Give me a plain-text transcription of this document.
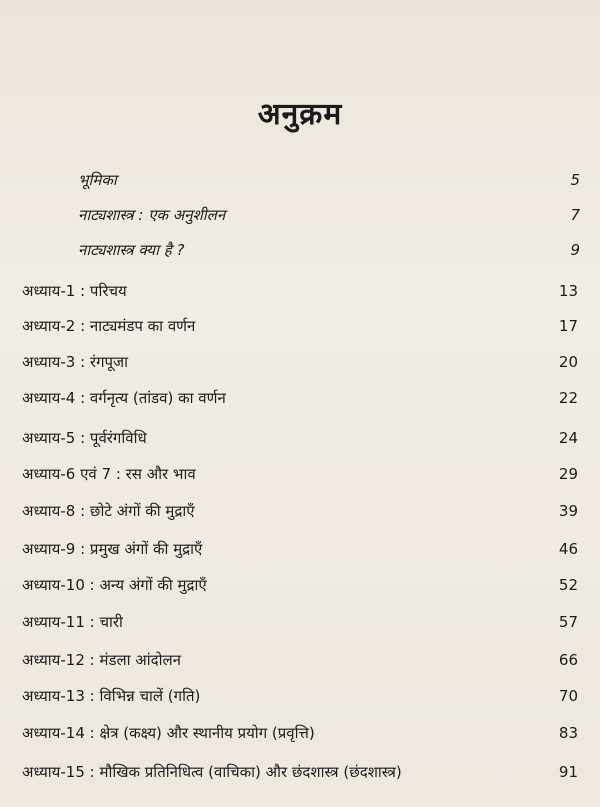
अनुक्रम
भूमिका	5
नाट्यशास्त्र : एक अनुशीलन	7
नाट्यशास्त्र क्या है ?	9
अध्याय-1 : परिचय	13
अध्याय-2 : नाट्यमंडप का वर्णन	17
अध्याय-3 : रंगपूजा	20
अध्याय-4 : वर्गनृत्य (तांडव) का वर्णन	22
अध्याय-5 : पूर्वरंगविधि	24
अध्याय-6 एवं 7 : रस और भाव	29
अध्याय-8 : छोटे अंगों की मुद्राएँ	39
अध्याय-9 : प्रमुख अंगों की मुद्राएँ	46
अध्याय-10 : अन्य अंगों की मुद्राएँ	52
अध्याय-11 : चारी	57
अध्याय-12 : मंडला आंदोलन	66
अध्याय-13 : विभिन्न चालें (गति)	70
अध्याय-14 : क्षेत्र (कक्ष्य) और स्थानीय प्रयोग (प्रवृत्ति)	83
अध्याय-15 : मौखिक प्रतिनिधित्व (वाचिका) और छंदशास्त्र (छंदशास्त्र)	91
